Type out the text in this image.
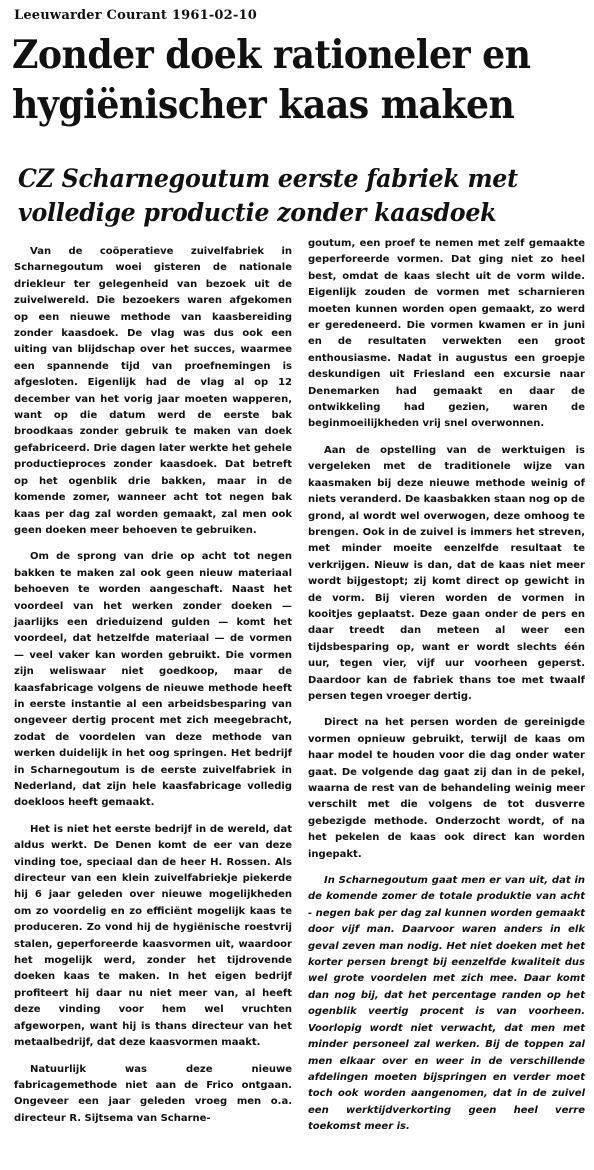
Leeuwarder Courant 1961-02-10
Zonder doek rationeler en
hygiënischer kaas maken
CZ Scharnegoutum eerste fabriek met
volledige productie zonder kaasdoek

Van de coöperatieve zuivelfabriek in Scharnegoutum woei gisteren de nationale driekleur ter gelegenheid van bezoek uit de zuivelwereld. Die bezoekers waren afgekomen op een nieuwe methode van kaasbereiding zonder kaasdoek. De vlag was dus ook een uiting van blijdschap over het succes, waarmee een spannende tijd van proefnemingen is afgesloten. Eigenlijk had de vlag al op 12 december van het vorig jaar moeten wapperen, want op die datum werd de eerste bak broodkaas zonder gebruik te maken van doek gefabriceerd. Drie dagen later werkte het gehele productieproces zonder kaasdoek. Dat betreft op het ogenblik drie bakken, maar in de komende zomer, wanneer acht tot negen bak kaas per dag zal worden gemaakt, zal men ook geen doeken meer behoeven te gebruiken.

Om de sprong van drie op acht tot negen bakken te maken zal ook geen nieuw materiaal behoeven te worden aangeschaft. Naast het voordeel van het werken zonder doeken — jaarlijks een drieduizend gulden — komt het voordeel, dat hetzelfde materiaal — de vormen — veel vaker kan worden gebruikt. Die vormen zijn weliswaar niet goedkoop, maar de kaasfabricage volgens de nieuwe methode heeft in eerste instantie al een arbeidsbesparing van ongeveer dertig procent met zich meegebracht, zodat de voordelen van deze methode van werken duidelijk in het oog springen. Het bedrijf in Scharnegoutum is de eerste zuivelfabriek in Nederland, dat zijn hele kaasfabricage volledig doekloos heeft gemaakt.

Het is niet het eerste bedrijf in de wereld, dat aldus werkt. De Denen komt de eer van deze vinding toe, speciaal dan de heer H. Rossen. Als directeur van een klein zuivelfabriekje piekerde hij 6 jaar geleden over nieuwe mogelijkheden om zo voordelig en zo efficiënt mogelijk kaas te produceren. Zo vond hij de hygiënische roestvrij stalen, geperforeerde kaasvormen uit, waardoor het mogelijk werd, zonder het tijdrovende doeken kaas te maken. In het eigen bedrijf profiteert hij daar nu niet meer van, al heeft deze vinding voor hem wel vruchten afgeworpen, want hij is thans directeur van het metaalbedrijf, dat deze kaasvormen maakt.

Natuurlijk was deze nieuwe fabricagemethode niet aan de Frico ontgaan. Ongeveer een jaar geleden vroeg men o.a. directeur R. Sijtsema van Scharne-

goutum, een proef te nemen met zelf gemaakte geperforeerde vormen. Dat ging niet zo heel best, omdat de kaas slecht uit de vorm wilde. Eigenlijk zouden de vormen met scharnieren moeten kunnen worden open gemaakt, zo werd er geredeneerd. Die vormen kwamen er in juni en de resultaten verwekten een groot enthousiasme. Nadat in augustus een groepje deskundigen uit Friesland een excursie naar Denemarken had gemaakt en daar de ontwikkeling had gezien, waren de beginmoeilijkheden vrij snel overwonnen.

Aan de opstelling van de werktuigen is vergeleken met de traditionele wijze van kaasmaken bij deze nieuwe methode weinig of niets veranderd. De kaasbakken staan nog op de grond, al wordt wel overwogen, deze omhoog te brengen. Ook in de zuivel is immers het streven, met minder moeite eenzelfde resultaat te verkrijgen. Nieuw is dan, dat de kaas niet meer wordt bijgestopt; zij komt direct op gewicht in de vorm. Bij vieren worden de vormen in kooitjes geplaatst. Deze gaan onder de pers en daar treedt dan meteen al weer een tijdsbesparing op, want er wordt slechts één uur, tegen vier, vijf uur voorheen geperst. Daardoor kan de fabriek thans toe met twaalf persen tegen vroeger dertig.

Direct na het persen worden de gereinigde vormen opnieuw gebruikt, terwijl de kaas om haar model te houden voor die dag onder water gaat. De volgende dag gaat zij dan in de pekel, waarna de rest van de behandeling weinig meer verschilt met die volgens de tot dusverre gebezigde methode. Onderzocht wordt, of na het pekelen de kaas ook direct kan worden ingepakt.

In Scharnegoutum gaat men er van uit, dat in de komende zomer de totale produktie van acht - negen bak per dag zal kunnen worden gemaakt door vijf man. Daarvoor waren anders in elk geval zeven man nodig. Het niet doeken met het korter persen brengt bij eenzelfde kwaliteit dus wel grote voordelen met zich mee. Daar komt dan nog bij, dat het percentage randen op het ogenblik veertig procent is van voorheen. Voorlopig wordt niet verwacht, dat men met minder personeel zal werken. Bij de toppen zal men elkaar over en weer in de verschillende afdelingen moeten bijspringen en verder moet toch ook worden aangenomen, dat in de zuivel een werktijdverkorting geen heel verre toekomst meer is.
